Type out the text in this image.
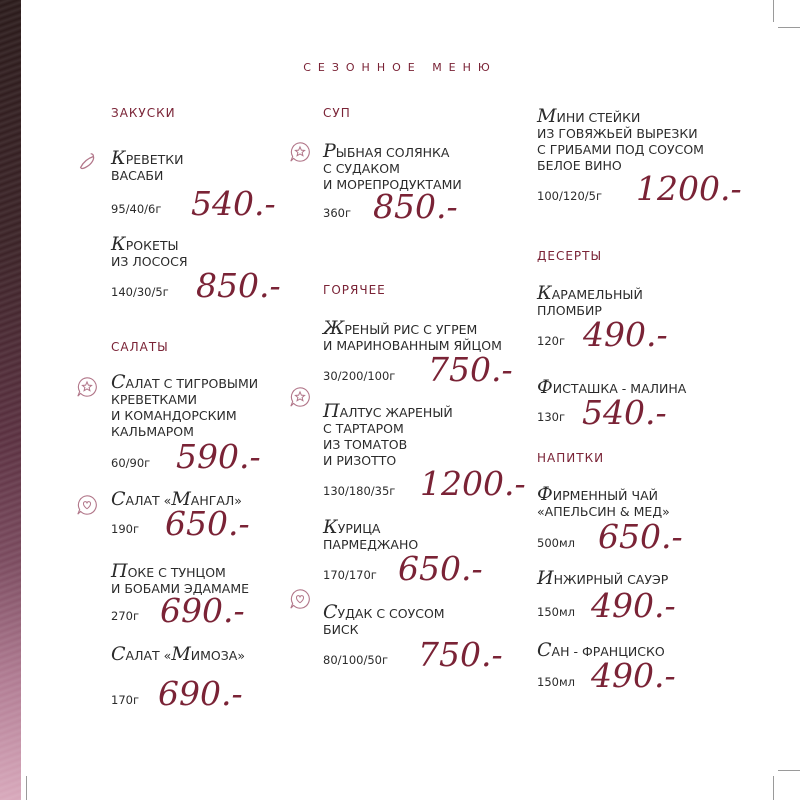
СЕЗОННОЕ МЕНЮ
ЗАКУСКИ
САЛАТЫ
СУП
ГОРЯЧЕЕ
ДЕСЕРТЫ
НАПИТКИ
КРЕВЕТКИ
ВАСАБИ
95/40/6г 540.-
КРОКЕТЫ
ИЗ ЛОСОСЯ
140/30/5г 850.-
САЛАТ С ТИГРОВЫМИ
КРЕВЕТКАМИ
И КОМАНДОРСКИМ
КАЛЬМАРОМ
60/90г 590.-
САЛАТ «МАНГАЛ»
190г 650.-
ПОКЕ С ТУНЦОМ
И БОБАМИ ЭДАМАМЕ
270г 690.-
САЛАТ «МИМОЗА»
170г 690.-
РЫБНАЯ СОЛЯНКА
С СУДАКОМ
И МОРЕПРОДУКТАМИ
360г 850.-
ЖРЕНЫЙ РИС С УГРЕМ
И МАРИНОВАННЫМ ЯЙЦОМ
30/200/100г 750.-
ПАЛТУС ЖАРЕНЫЙ
С ТАРТАРОМ
ИЗ ТОМАТОВ
И РИЗОТТО
130/180/35г 1200.-
КУРИЦА
ПАРМЕДЖАНО
170/170г 650.-
СУДАК С СОУСОМ
БИСК
80/100/50г 750.-
МИНИ СТЕЙКИ
ИЗ ГОВЯЖЬЕЙ ВЫРЕЗКИ
С ГРИБАМИ ПОД СОУСОМ
БЕЛОЕ ВИНО
100/120/5г 1200.-
КАРАМЕЛЬНЫЙ
ПЛОМБИР
120г 490.-
ФИСТАШКА - МАЛИНА
130г 540.-
ФИРМЕННЫЙ ЧАЙ
«АПЕЛЬСИН & МЕД»
500мл 650.-
ИНЖИРНЫЙ САУЭР
150мл 490.-
САН - ФРАНЦИСКО
150мл 490.-
